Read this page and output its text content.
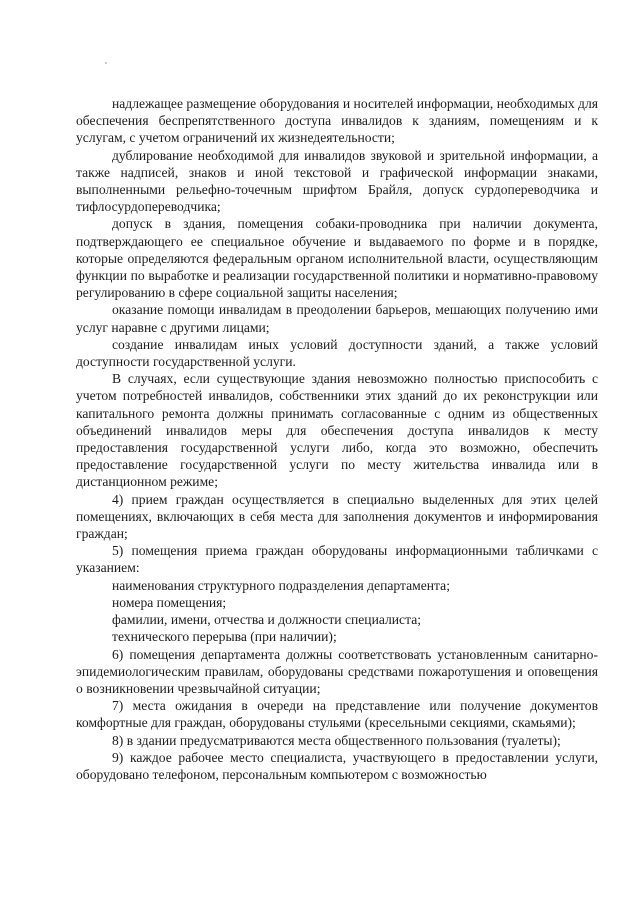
надлежащее размещение оборудования и носителей информации, необходимых для обеспечения беспрепятственного доступа инвалидов к зданиям, помещениям и к услугам, с учетом ограничений их жизнедеятельности;

дублирование необходимой для инвалидов звуковой и зрительной информации, а также надписей, знаков и иной текстовой и графической информации знаками, выполненными рельефно-точечным шрифтом Брайля, допуск сурдопереводчика и тифлосурдопереводчика;

допуск в здания, помещения собаки-проводника при наличии документа, подтверждающего ее специальное обучение и выдаваемого по форме и в порядке, которые определяются федеральным органом исполнительной власти, осуществляющим функции по выработке и реализации государственной политики и нормативно-правовому регулированию в сфере социальной защиты населения;

оказание помощи инвалидам в преодолении барьеров, мешающих получению ими услуг наравне с другими лицами;

создание инвалидам иных условий доступности зданий, а также условий доступности государственной услуги.

В случаях, если существующие здания невозможно полностью приспособить с учетом потребностей инвалидов, собственники этих зданий до их реконструкции или капитального ремонта должны принимать согласованные с одним из общественных объединений инвалидов меры для обеспечения доступа инвалидов к месту предоставления государственной услуги либо, когда это возможно, обеспечить предоставление государственной услуги по месту жительства инвалида или в дистанционном режиме;

4) прием граждан осуществляется в специально выделенных для этих целей помещениях, включающих в себя места для заполнения документов и информирования граждан;

5) помещения приема граждан оборудованы информационными табличками с указанием:

наименования структурного подразделения департамента;

номера помещения;

фамилии, имени, отчества и должности специалиста;

технического перерыва (при наличии);

6) помещения департамента должны соответствовать установленным санитарно-эпидемиологическим правилам, оборудованы средствами пожаротушения и оповещения о возникновении чрезвычайной ситуации;

7) места ожидания в очереди на представление или получение документов комфортные для граждан, оборудованы стульями (кресельными секциями, скамьями);

8) в здании предусматриваются места общественного пользования (туалеты);

9) каждое рабочее место специалиста, участвующего в предоставлении услуги, оборудовано телефоном, персональным компьютером с возможностью
